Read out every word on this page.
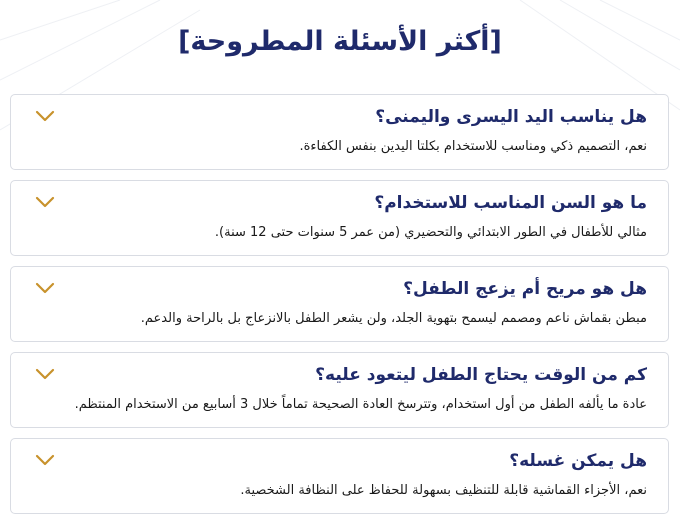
[أكثر الأسئلة المطروحة]
هل يناسب اليد اليسرى واليمنى؟
نعم، التصميم ذكي ومناسب للاستخدام بكلتا اليدين بنفس الكفاءة.
ما هو السن المناسب للاستخدام؟
مثالي للأطفال في الطور الابتدائي والتحضيري (من عمر 5 سنوات حتى 12 سنة).
هل هو مريح أم يزعج الطفل؟
مبطن بقماش ناعم ومصمم ليسمح بتهوية الجلد، ولن يشعر الطفل بالانزعاج بل بالراحة والدعم.
كم من الوقت يحتاج الطفل ليتعود عليه؟
عادة ما يألفه الطفل من أول استخدام، وتترسخ العادة الصحيحة تماماً خلال 3 أسابيع من الاستخدام المنتظم.
هل يمكن غسله؟
نعم، الأجزاء القماشية قابلة للتنظيف بسهولة للحفاظ على النظافة الشخصية.
